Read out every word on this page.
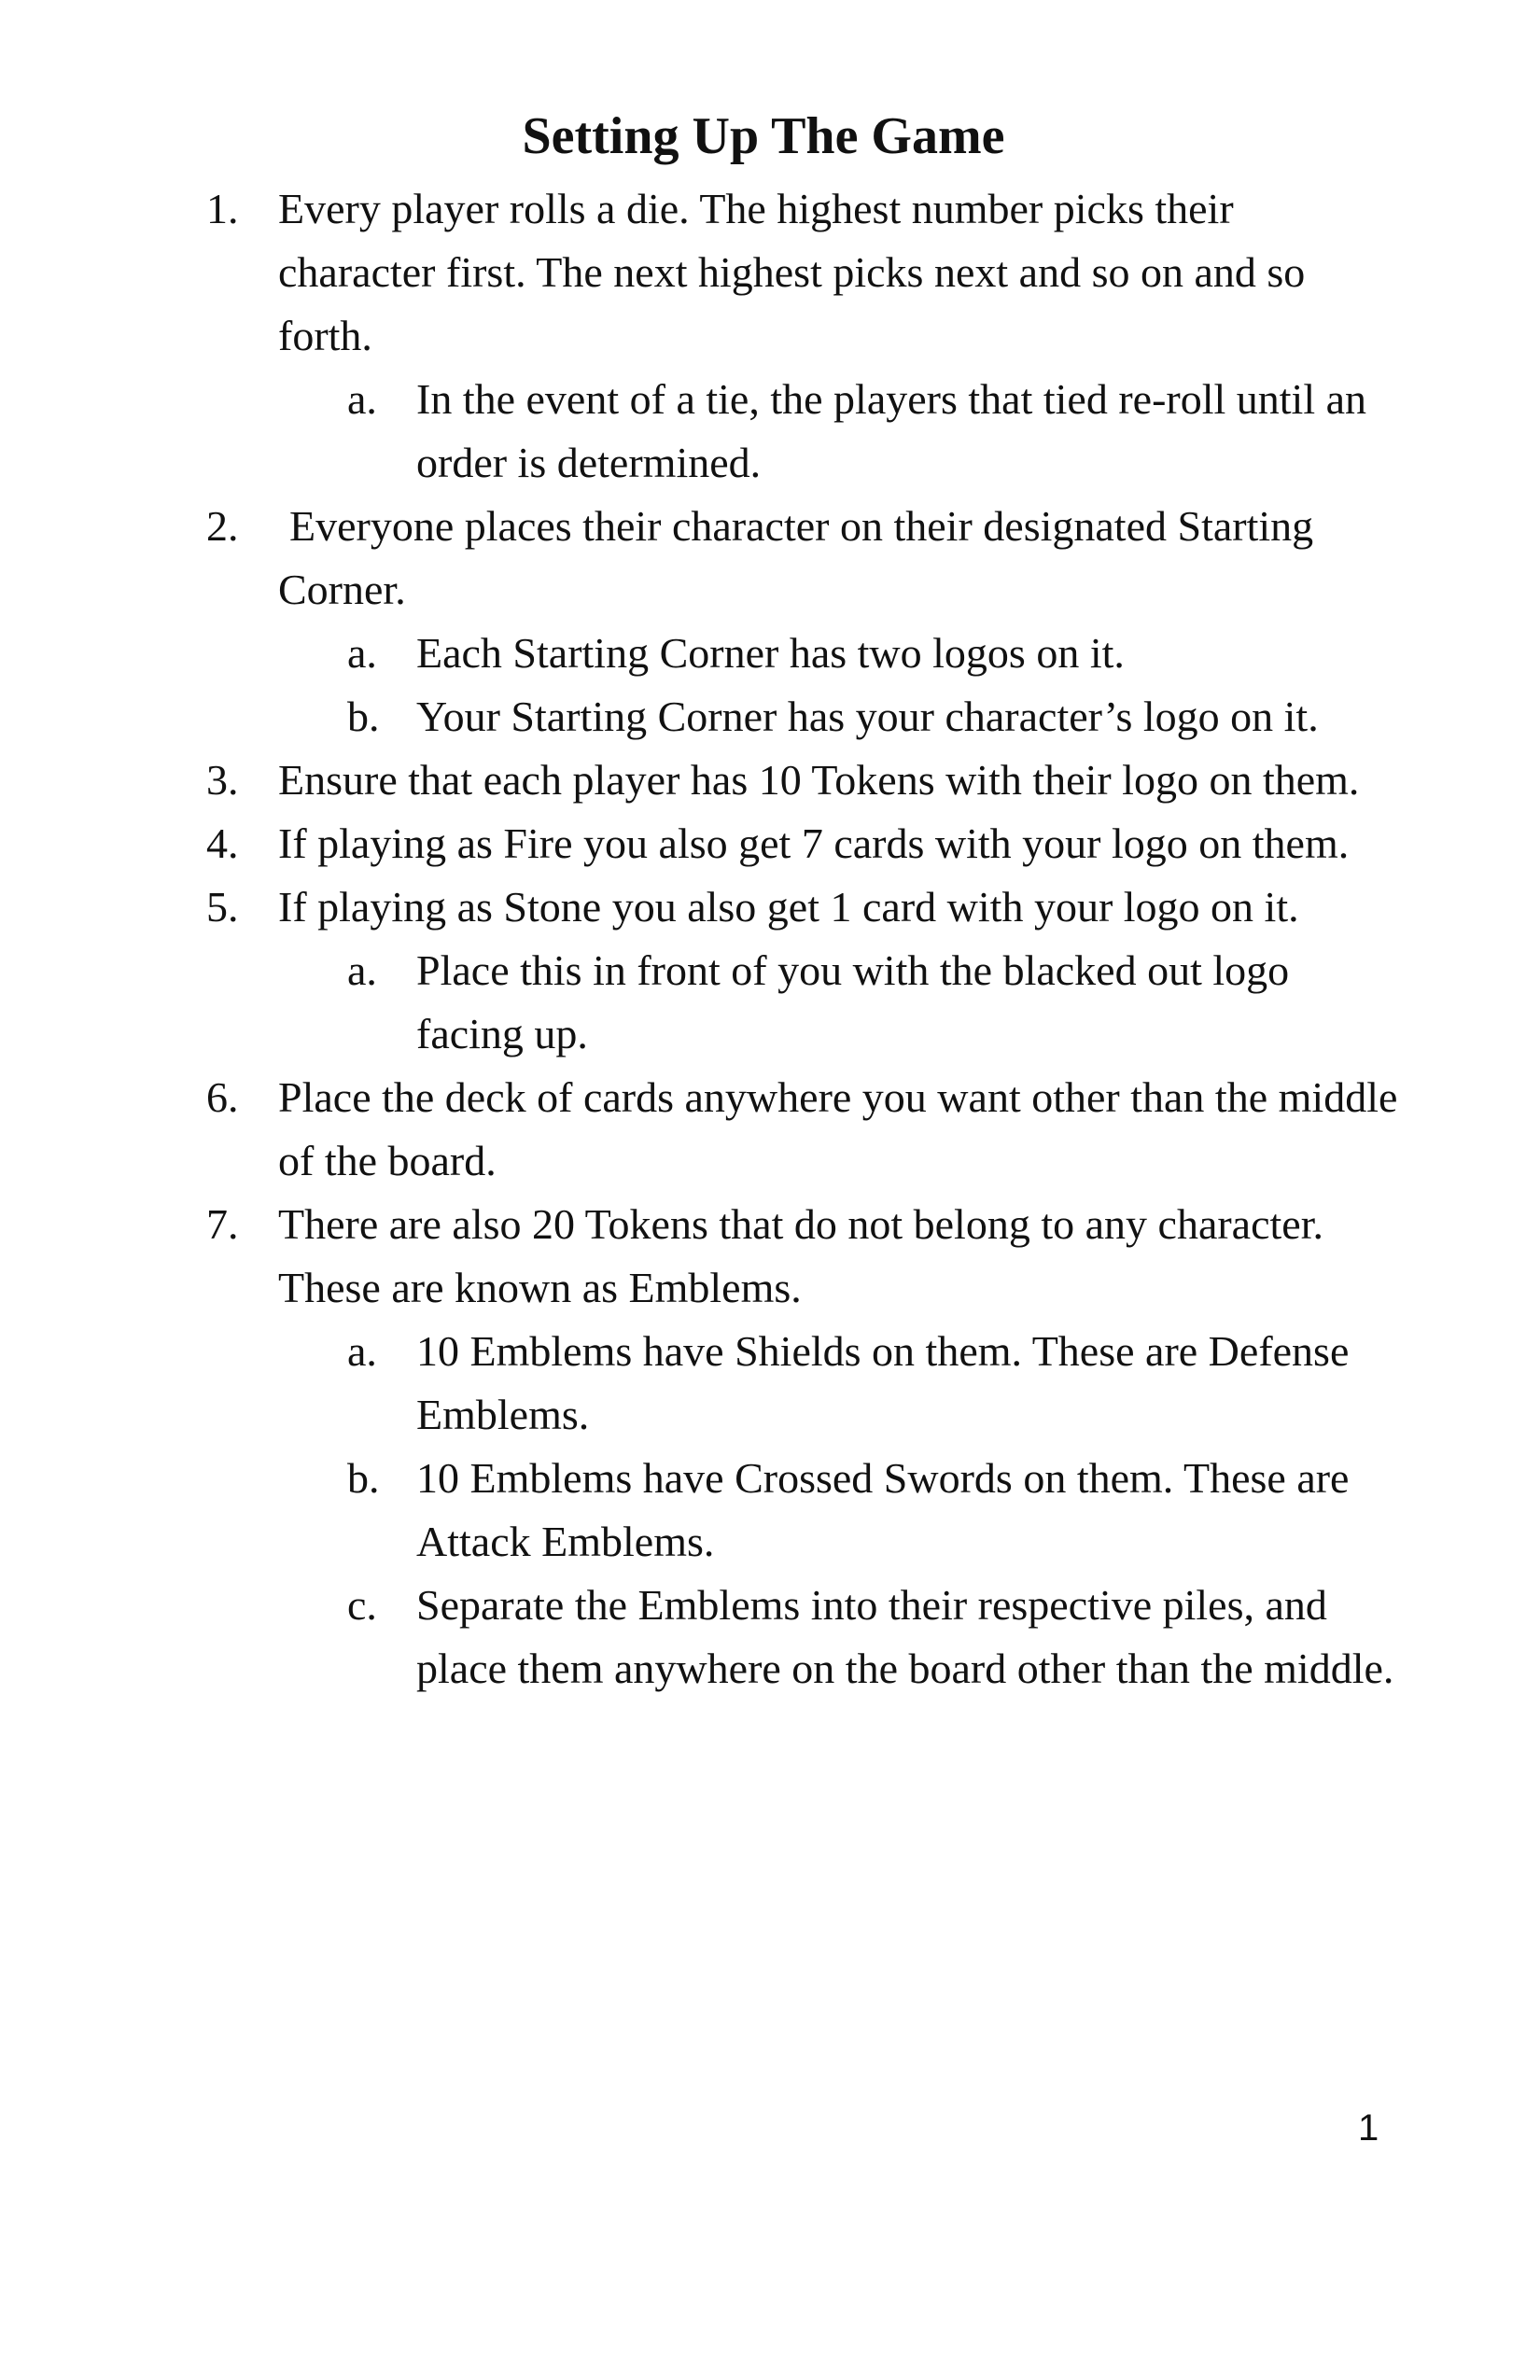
Setting Up The Game
1. Every player rolls a die. The highest number picks their character first. The next highest picks next and so on and so forth.
a. In the event of a tie, the players that tied re-roll until an order is determined.
2. Everyone places their character on their designated Starting Corner.
a. Each Starting Corner has two logos on it.
b. Your Starting Corner has your character’s logo on it.
3. Ensure that each player has 10 Tokens with their logo on them.
4. If playing as Fire you also get 7 cards with your logo on them.
5. If playing as Stone you also get 1 card with your logo on it.
a. Place this in front of you with the blacked out logo facing up.
6. Place the deck of cards anywhere you want other than the middle of the board.
7. There are also 20 Tokens that do not belong to any character. These are known as Emblems.
a. 10 Emblems have Shields on them. These are Defense Emblems.
b. 10 Emblems have Crossed Swords on them. These are Attack Emblems.
c. Separate the Emblems into their respective piles, and place them anywhere on the board other than the middle.
1
